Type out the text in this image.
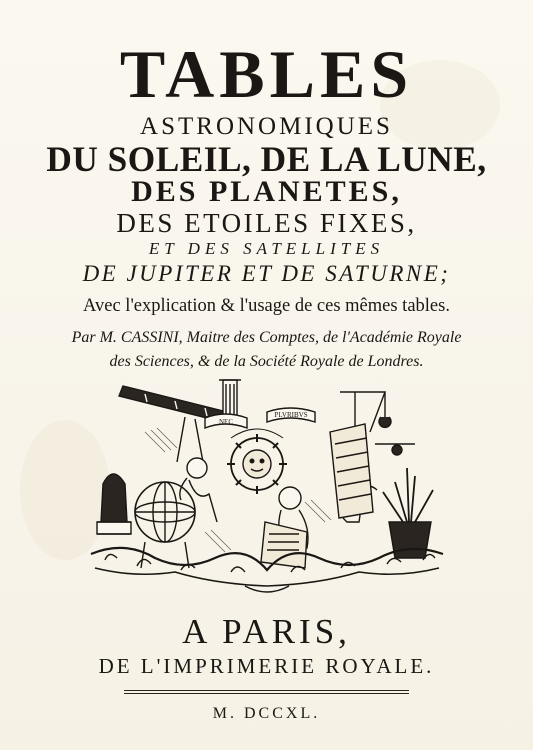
TABLES
ASTRONOMIQUES
DU SOLEIL, DE LA LUNE,
DES PLANETES,
DES ETOILES FIXES,
ET DES SATELLITES
DE JUPITER ET DE SATURNE;
Avec l'explication & l'usage de ces mêmes tables.
Par M. CASSINI, Maitre des Comptes, de l'Académie Royale
des Sciences, & de la Société Royale de Londres.
NEC
PLVRIBVS
A PARIS,
DE L'IMPRIMERIE ROYALE.
M. DCCXL.
